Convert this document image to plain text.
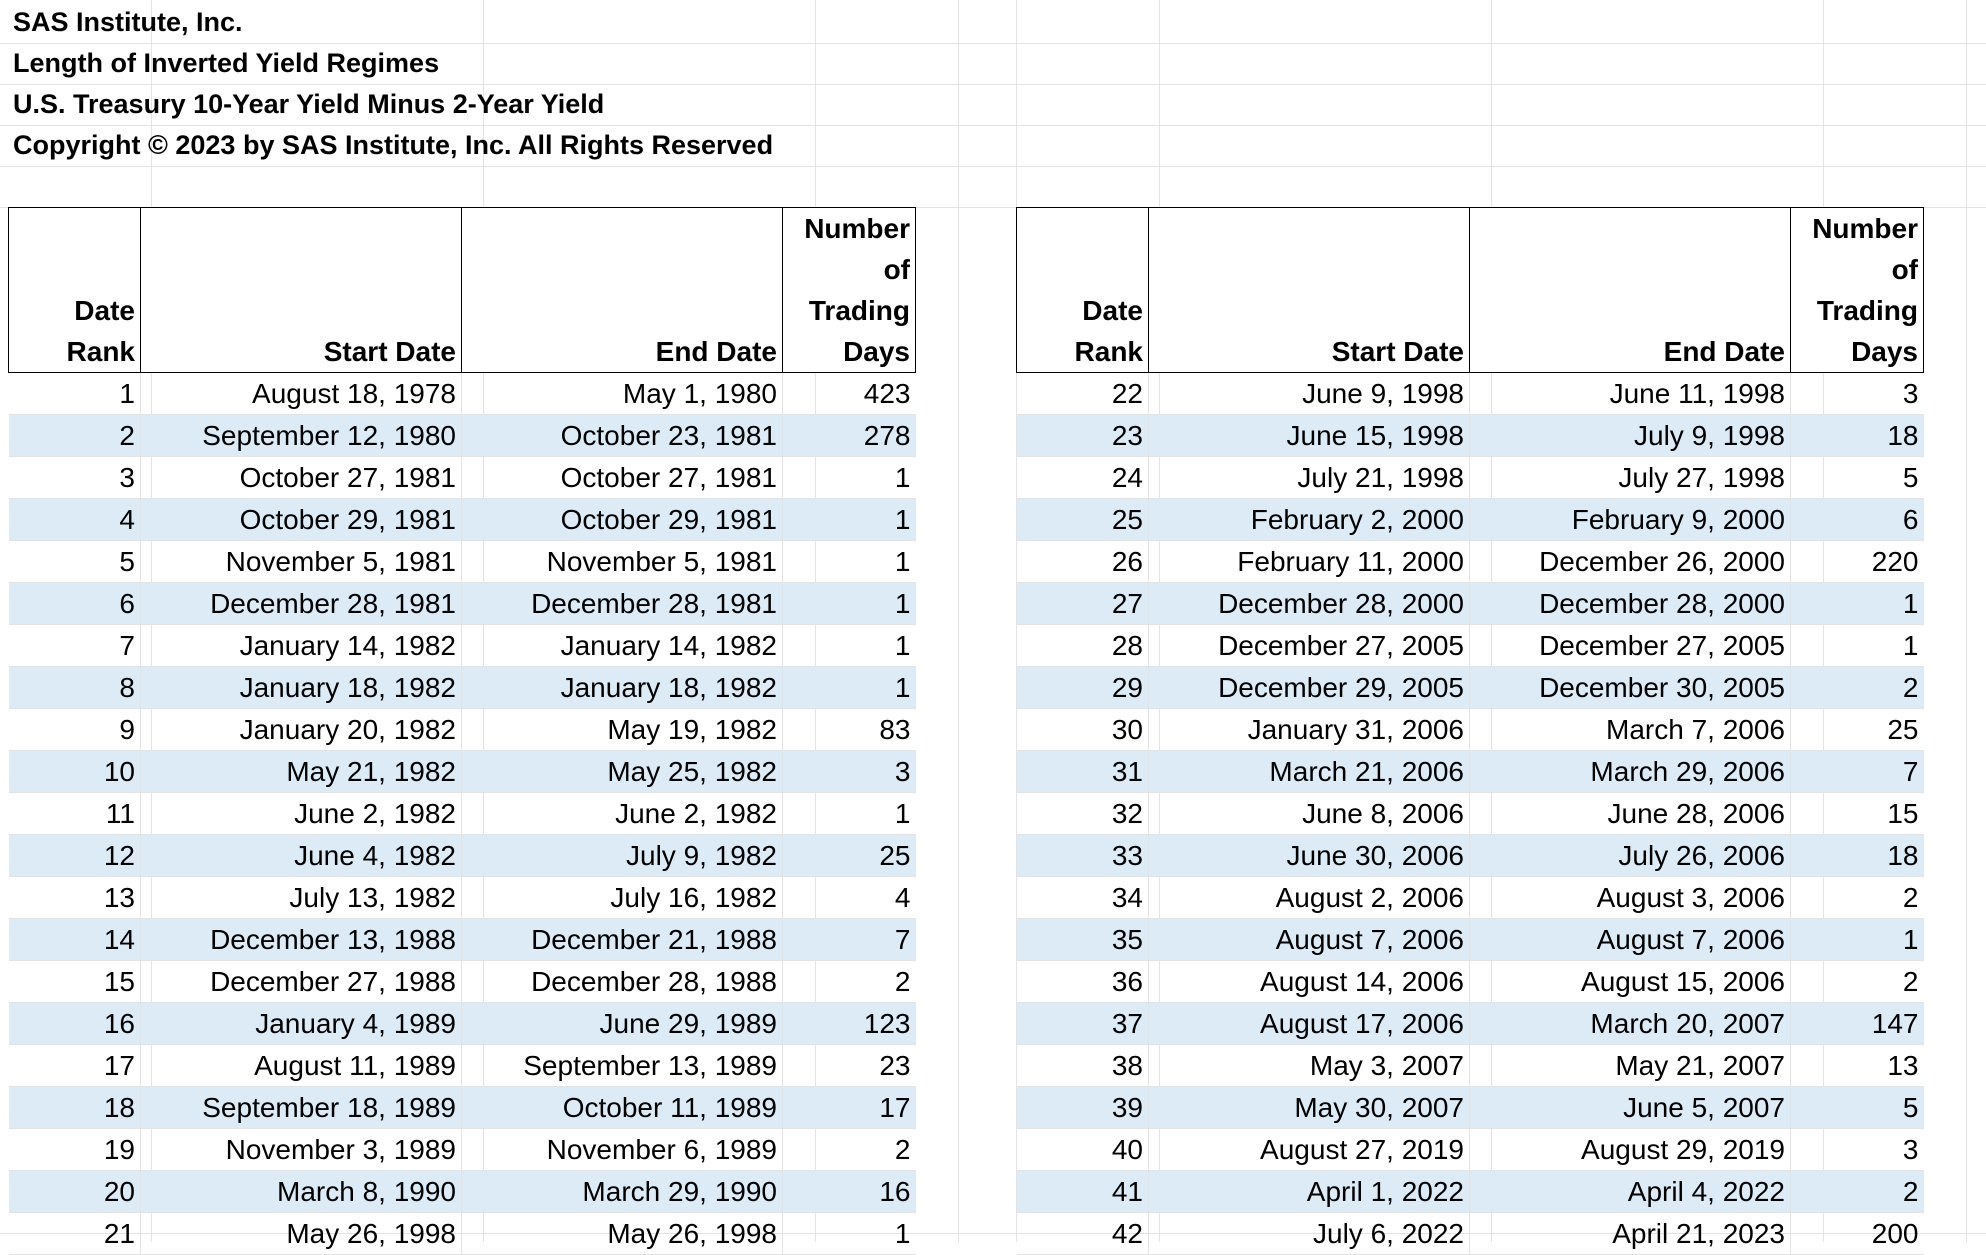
SAS Institute, Inc.
Length of Inverted Yield Regimes
U.S. Treasury 10-Year Yield Minus 2-Year Yield
Copyright © 2023 by SAS Institute, Inc. All Rights Reserved
Date Rank	Start Date	End Date	Number
of Trading
Days
1	August 18, 1978	May 1, 1980	423
2	September 12, 1980	October 23, 1981	278
3	October 27, 1981	October 27, 1981	1
4	October 29, 1981	October 29, 1981	1
5	November 5, 1981	November 5, 1981	1
6	December 28, 1981	December 28, 1981	1
7	January 14, 1982	January 14, 1982	1
8	January 18, 1982	January 18, 1982	1
9	January 20, 1982	May 19, 1982	83
10	May 21, 1982	May 25, 1982	3
11	June 2, 1982	June 2, 1982	1
12	June 4, 1982	July 9, 1982	25
13	July 13, 1982	July 16, 1982	4
14	December 13, 1988	December 21, 1988	7
15	December 27, 1988	December 28, 1988	2
16	January 4, 1989	June 29, 1989	123
17	August 11, 1989	September 13, 1989	23
18	September 18, 1989	October 11, 1989	17
19	November 3, 1989	November 6, 1989	2
20	March 8, 1990	March 29, 1990	16
21	May 26, 1998	May 26, 1998	1
Date Rank	Start Date	End Date	Number
of Trading
Days
22	June 9, 1998	June 11, 1998	3
23	June 15, 1998	July 9, 1998	18
24	July 21, 1998	July 27, 1998	5
25	February 2, 2000	February 9, 2000	6
26	February 11, 2000	December 26, 2000	220
27	December 28, 2000	December 28, 2000	1
28	December 27, 2005	December 27, 2005	1
29	December 29, 2005	December 30, 2005	2
30	January 31, 2006	March 7, 2006	25
31	March 21, 2006	March 29, 2006	7
32	June 8, 2006	June 28, 2006	15
33	June 30, 2006	July 26, 2006	18
34	August 2, 2006	August 3, 2006	2
35	August 7, 2006	August 7, 2006	1
36	August 14, 2006	August 15, 2006	2
37	August 17, 2006	March 20, 2007	147
38	May 3, 2007	May 21, 2007	13
39	May 30, 2007	June 5, 2007	5
40	August 27, 2019	August 29, 2019	3
41	April 1, 2022	April 4, 2022	2
42	July 6, 2022	April 21, 2023	200
